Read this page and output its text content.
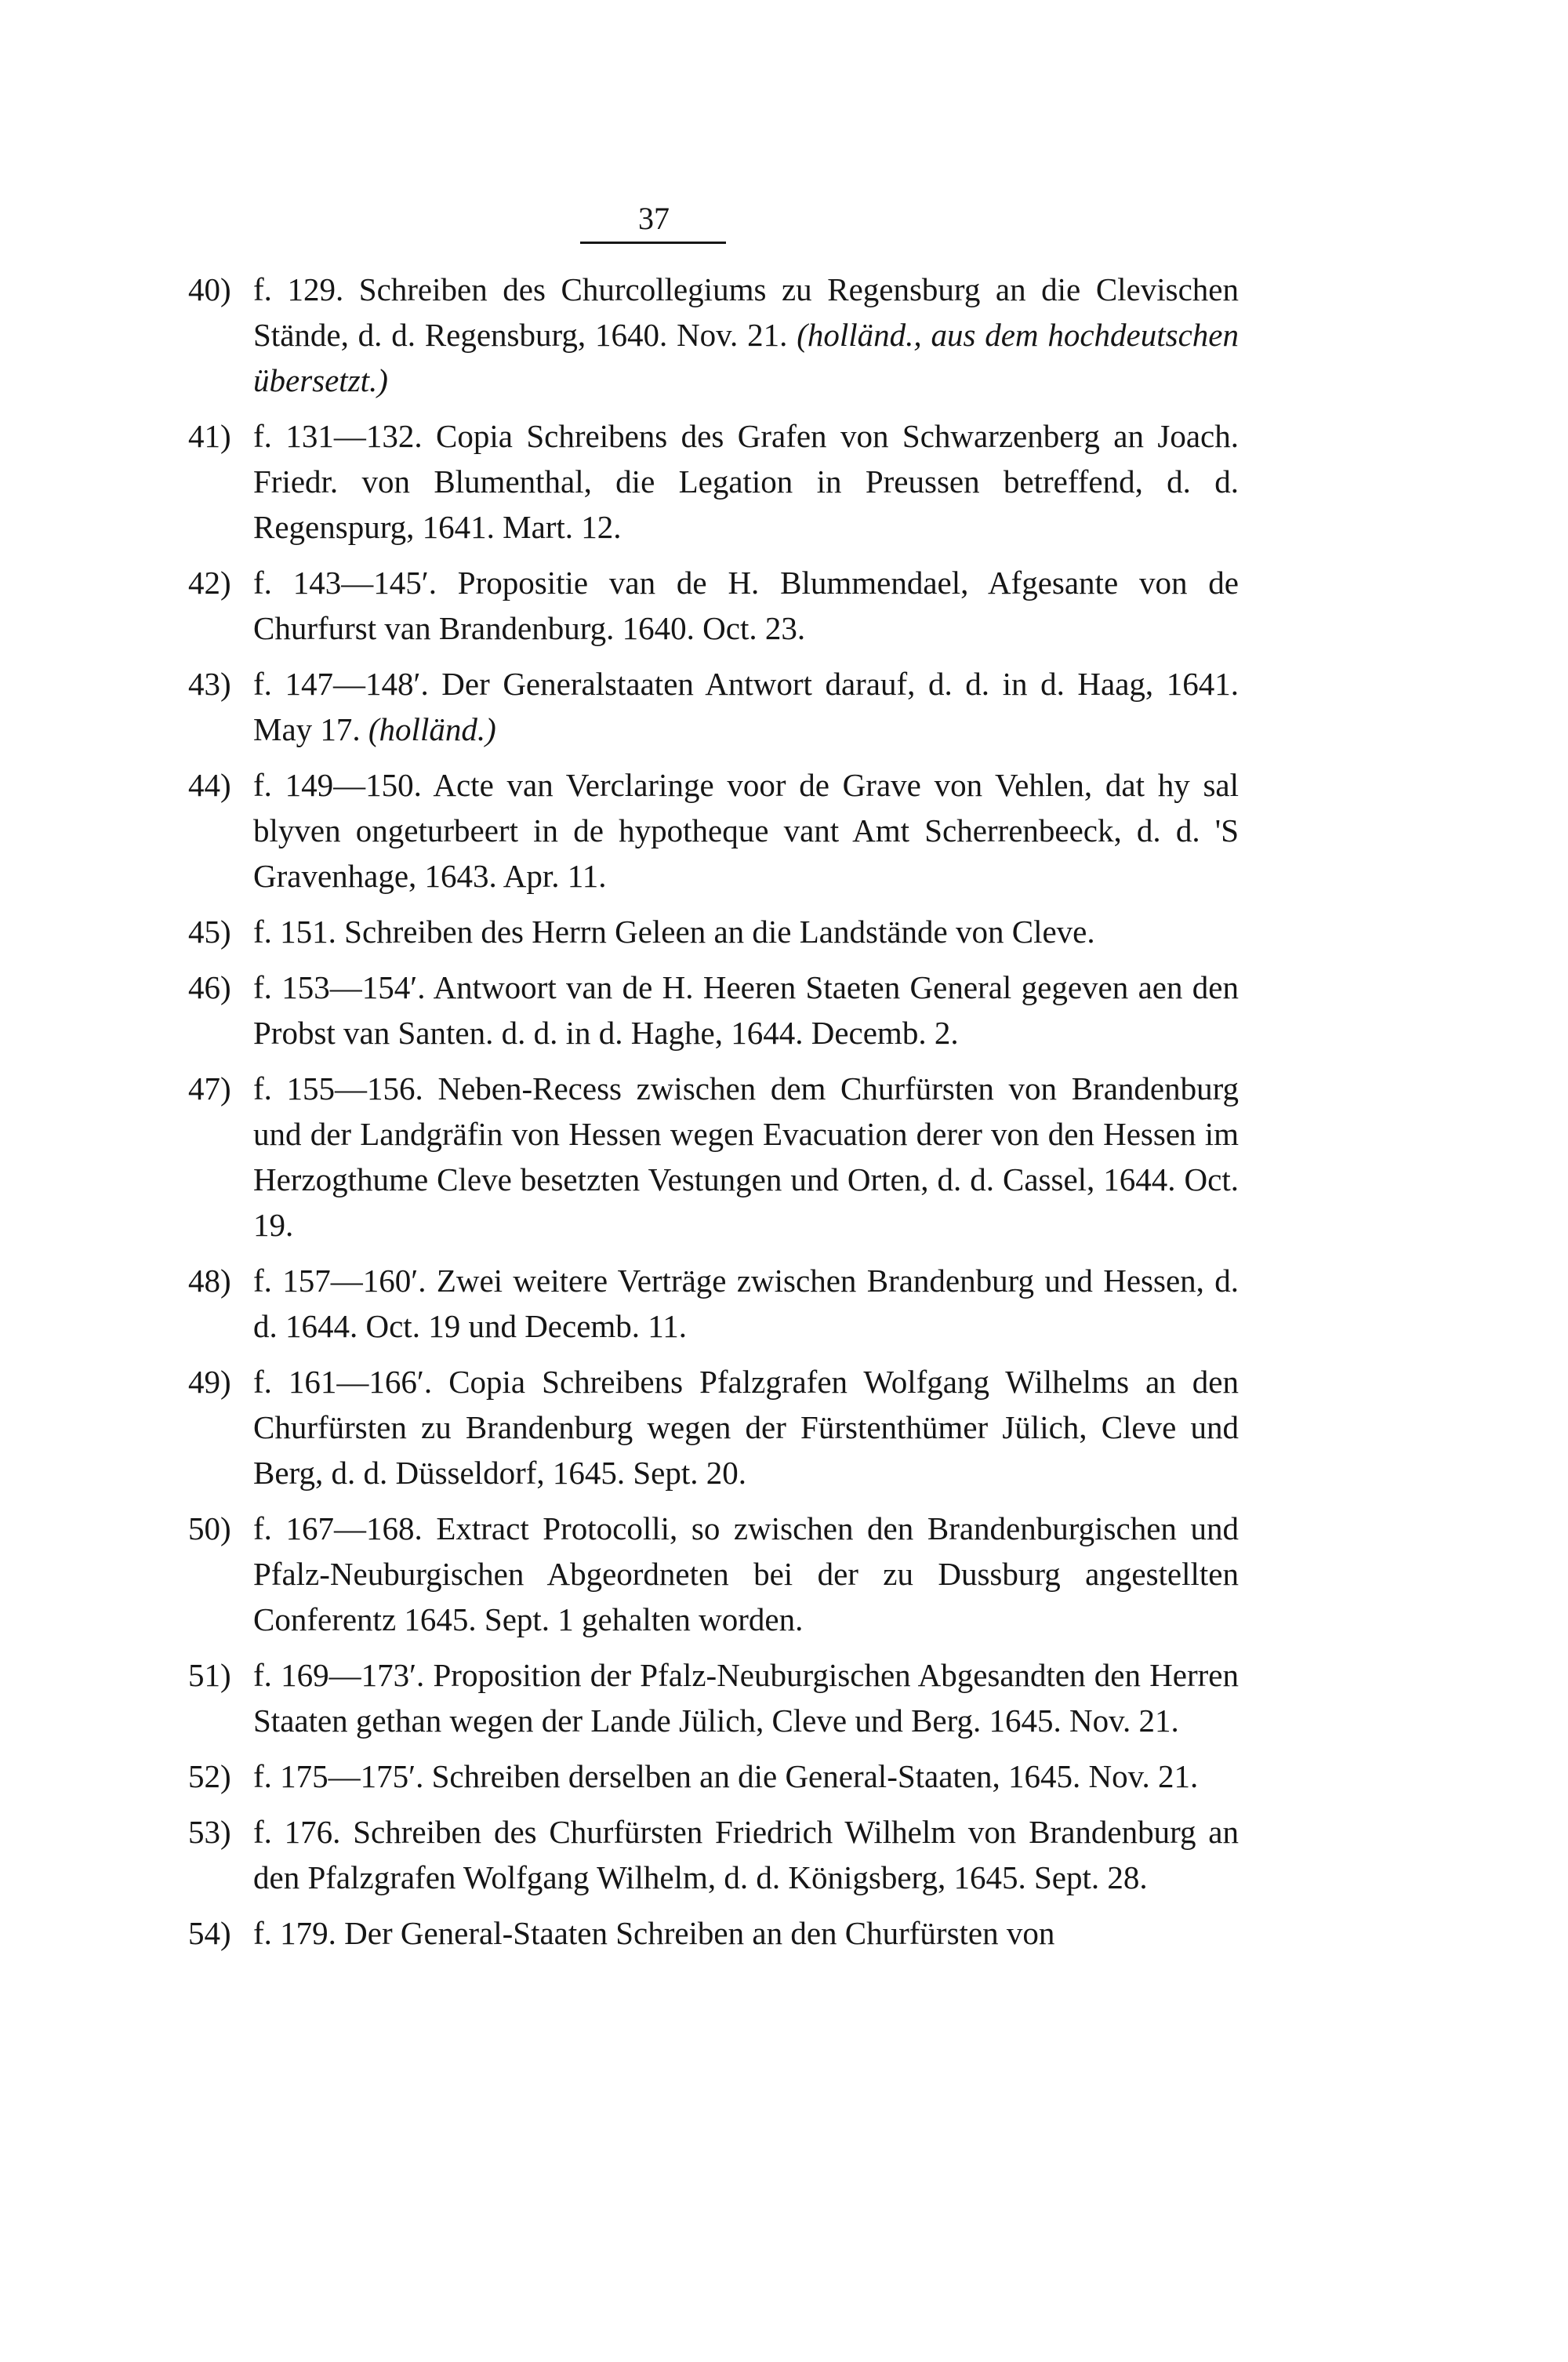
37

40) f. 129. Schreiben des Churcollegiums zu Regensburg an die Clevischen Stände, d. d. Regensburg, 1640. Nov. 21. (holländ., aus dem hochdeutschen übersetzt.)

41) f. 131—132. Copia Schreibens des Grafen von Schwarzenberg an Joach. Friedr. von Blumenthal, die Legation in Preussen betreffend, d. d. Regenspurg, 1641. Mart. 12.

42) f. 143—145′. Propositie van de H. Blummendael, Afgesante von de Churfurst van Brandenburg. 1640. Oct. 23.

43) f. 147—148′. Der Generalstaaten Antwort darauf, d. d. in d. Haag, 1641. May 17. (holländ.)

44) f. 149—150. Acte van Verclaringe voor de Grave von Vehlen, dat hy sal blyven ongeturbeert in de hypotheque vant Amt Scherrenbeeck, d. d. 'S Gravenhage, 1643. Apr. 11.

45) f. 151. Schreiben des Herrn Geleen an die Landstände von Cleve.

46) f. 153—154′. Antwoort van de H. Heeren Staeten General gegeven aen den Probst van Santen. d. d. in d. Haghe, 1644. Decemb. 2.

47) f. 155—156. Neben-Recess zwischen dem Churfürsten von Brandenburg und der Landgräfin von Hessen wegen Evacuation derer von den Hessen im Herzogthume Cleve besetzten Vestungen und Orten, d. d. Cassel, 1644. Oct. 19.

48) f. 157—160′. Zwei weitere Verträge zwischen Brandenburg und Hessen, d. d. 1644. Oct. 19 und Decemb. 11.

49) f. 161—166′. Copia Schreibens Pfalzgrafen Wolfgang Wilhelms an den Churfürsten zu Brandenburg wegen der Fürstenthümer Jülich, Cleve und Berg, d. d. Düsseldorf, 1645. Sept. 20.

50) f. 167—168. Extract Protocolli, so zwischen den Brandenburgischen und Pfalz-Neuburgischen Abgeordneten bei der zu Dussburg angestellten Conferentz 1645. Sept. 1 gehalten worden.

51) f. 169—173′. Proposition der Pfalz-Neuburgischen Abgesandten den Herren Staaten gethan wegen der Lande Jülich, Cleve und Berg. 1645. Nov. 21.

52) f. 175—175′. Schreiben derselben an die General-Staaten, 1645. Nov. 21.

53) f. 176. Schreiben des Churfürsten Friedrich Wilhelm von Brandenburg an den Pfalzgrafen Wolfgang Wilhelm, d. d. Königsberg, 1645. Sept. 28.

54) f. 179. Der General-Staaten Schreiben an den Churfürsten von
